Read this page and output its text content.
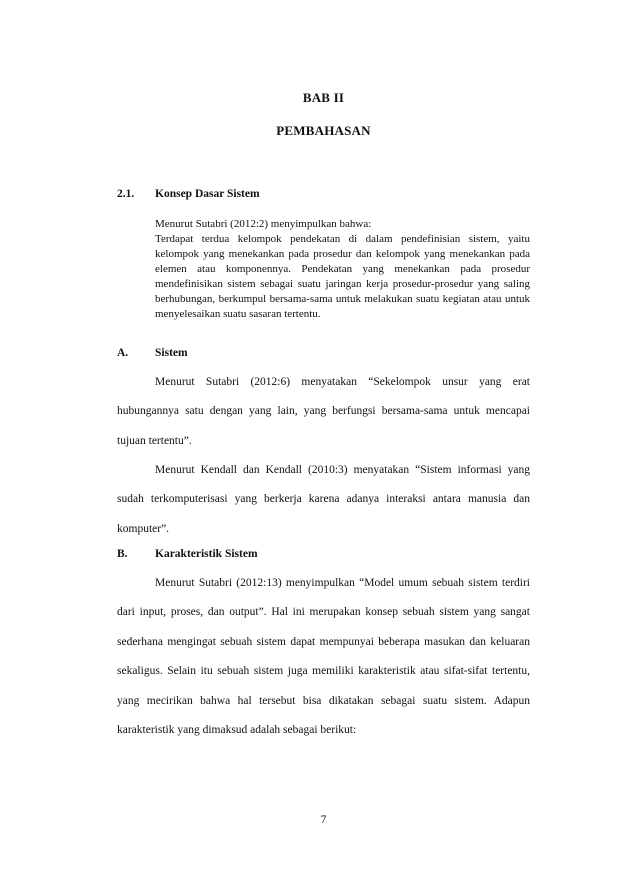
BAB II
PEMBAHASAN
2.1. Konsep Dasar Sistem
Menurut Sutabri (2012:2) menyimpulkan bahwa:
Terdapat terdua kelompok pendekatan di dalam pendefinisian sistem, yaitu kelompok yang menekankan pada prosedur dan kelompok yang menekankan pada elemen atau komponennya. Pendekatan yang menekankan pada prosedur mendefinisikan sistem sebagai suatu jaringan kerja prosedur-prosedur yang saling berhubungan, berkumpul bersama-sama untuk melakukan suatu kegiatan atau untuk menyelesaikan suatu sasaran tertentu.
A. Sistem
Menurut Sutabri (2012:6) menyatakan “Sekelompok unsur yang erat hubungannya satu dengan yang lain, yang berfungsi bersama-sama untuk mencapai tujuan tertentu”.
Menurut Kendall dan Kendall (2010:3) menyatakan “Sistem informasi yang sudah terkomputerisasi yang berkerja karena adanya interaksi antara manusia dan komputer”.
B. Karakteristik Sistem
Menurut Sutabri (2012:13) menyimpulkan “Model umum sebuah sistem terdiri dari input, proses, dan output”. Hal ini merupakan konsep sebuah sistem yang sangat sederhana mengingat sebuah sistem dapat mempunyai beberapa masukan dan keluaran sekaligus. Selain itu sebuah sistem juga memiliki karakteristik atau sifat-sifat tertentu, yang mecirikan bahwa hal tersebut bisa dikatakan sebagai suatu sistem. Adapun karakteristik yang dimaksud adalah sebagai berikut:
7
